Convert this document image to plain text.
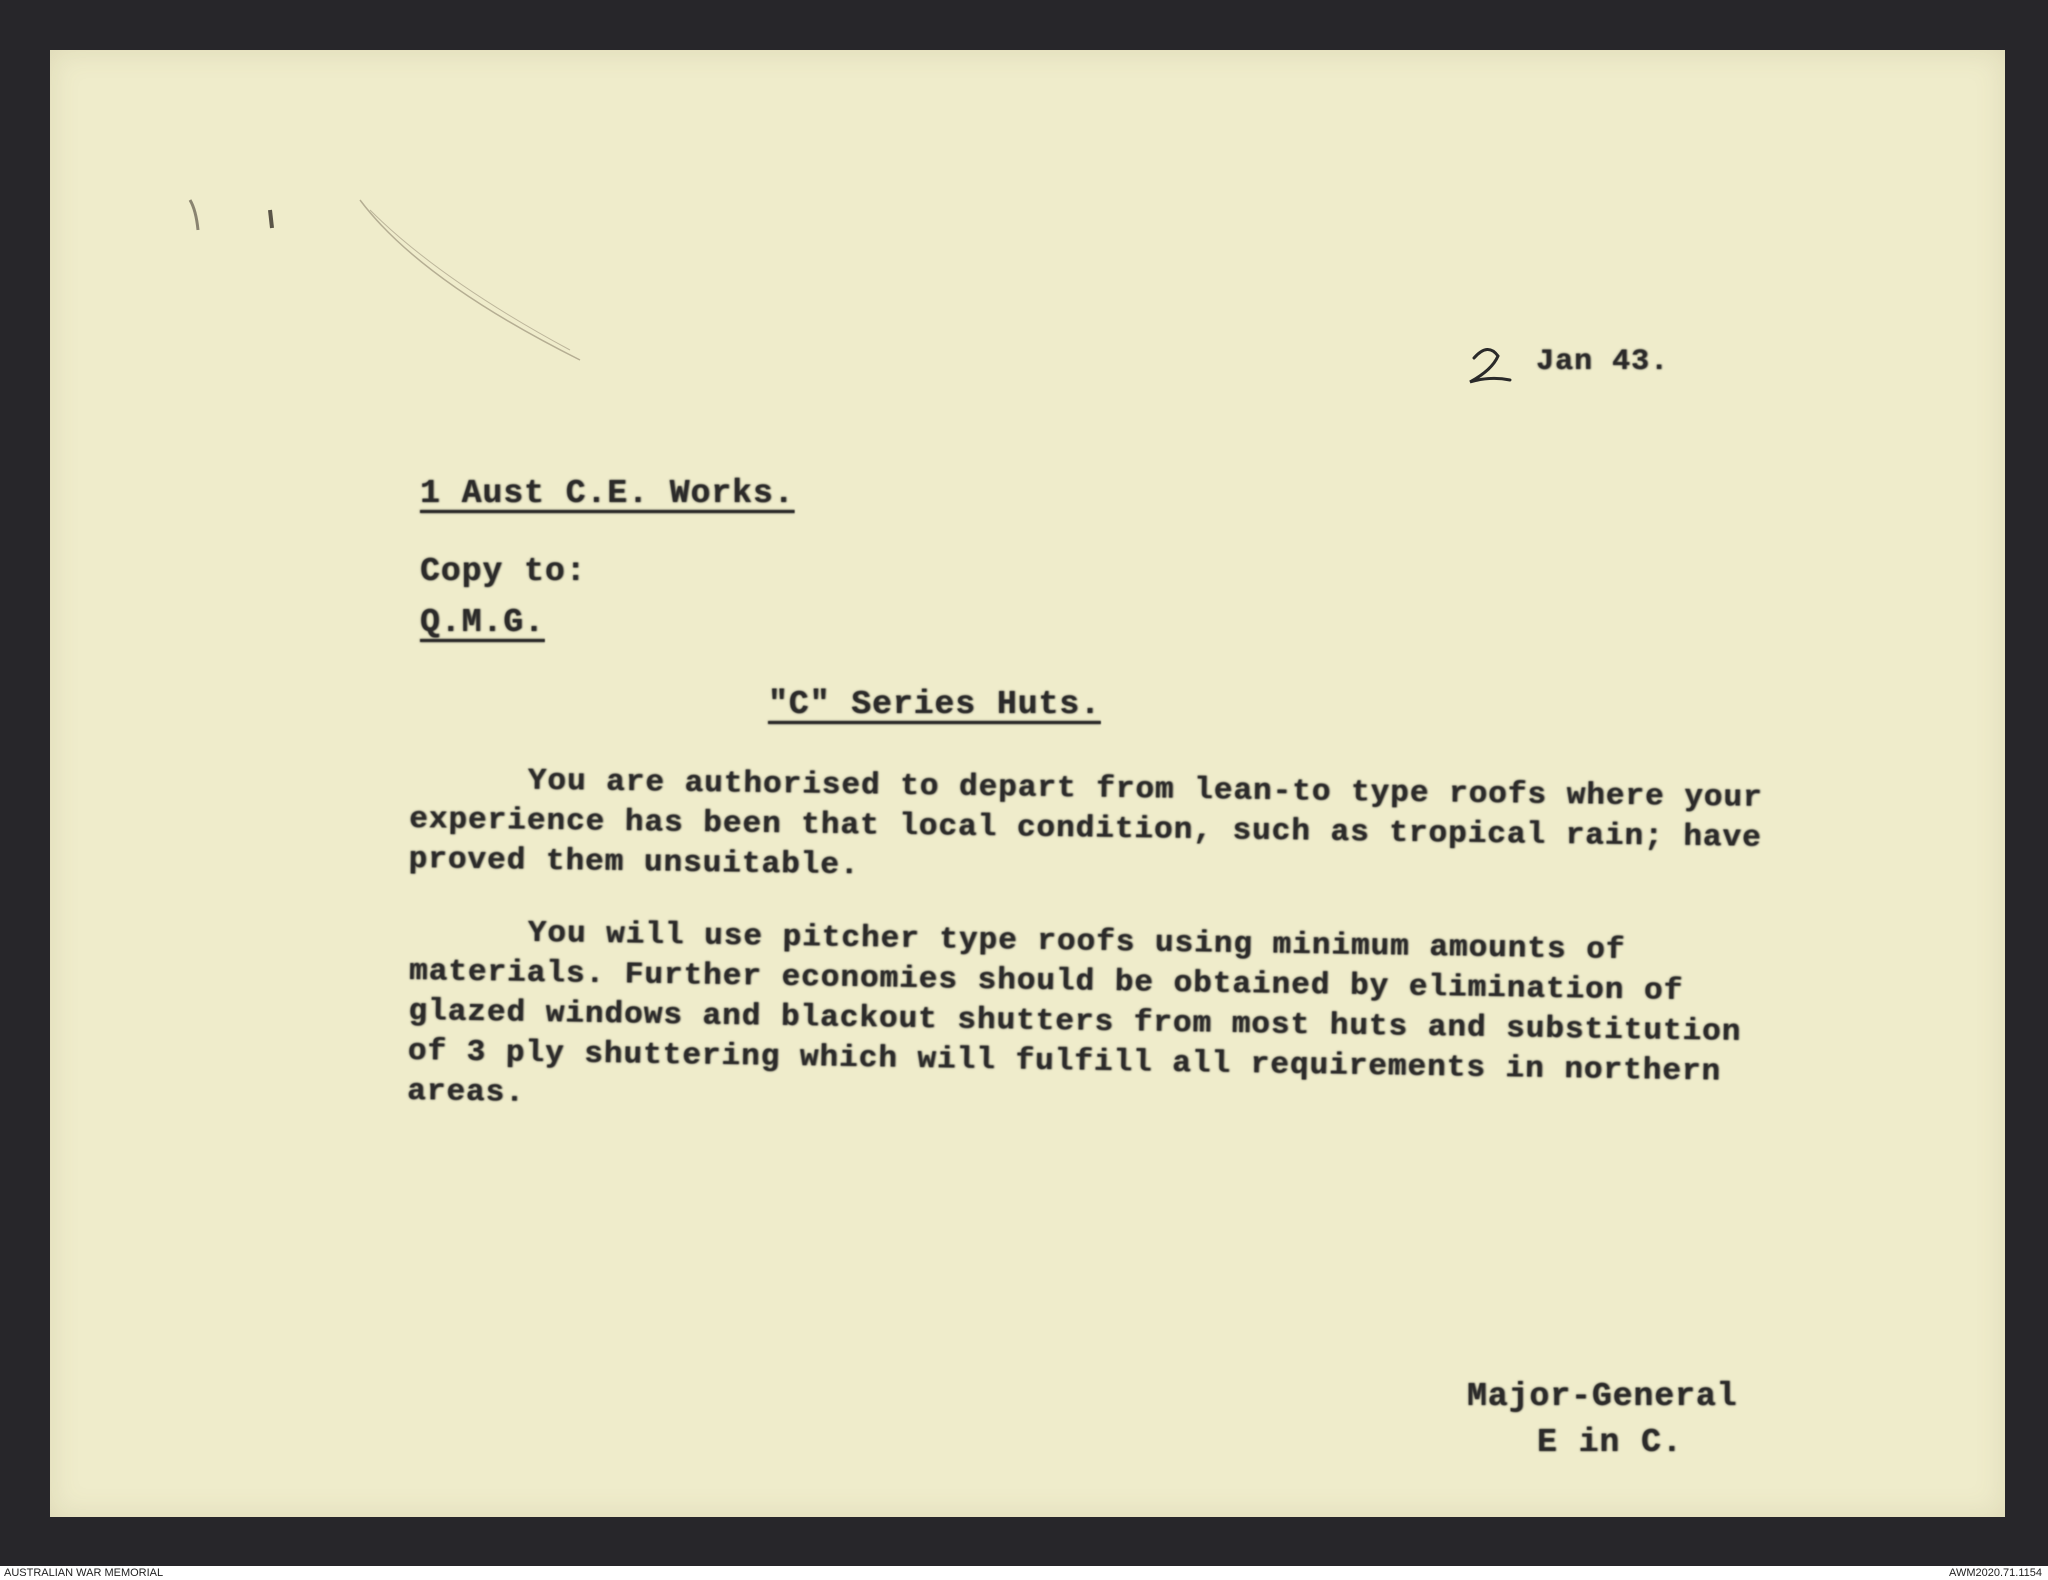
Jan 43.
1 Aust C.E. Works.
Copy to:
Q.M.G.
"C" Series Huts.
You are authorised to depart from lean-to type roofs where your experience has been that local condition, such as tropical rain; have proved them unsuitable.
You will use pitcher type roofs using minimum amounts of materials. Further economies should be obtained by elimination of glazed windows and blackout shutters from most huts and substitution of 3 ply shuttering which will fulfill all requirements in northern areas.
Major-General
E in C.
AUSTRALIAN WAR MEMORIAL	AWM2020.71.1154
